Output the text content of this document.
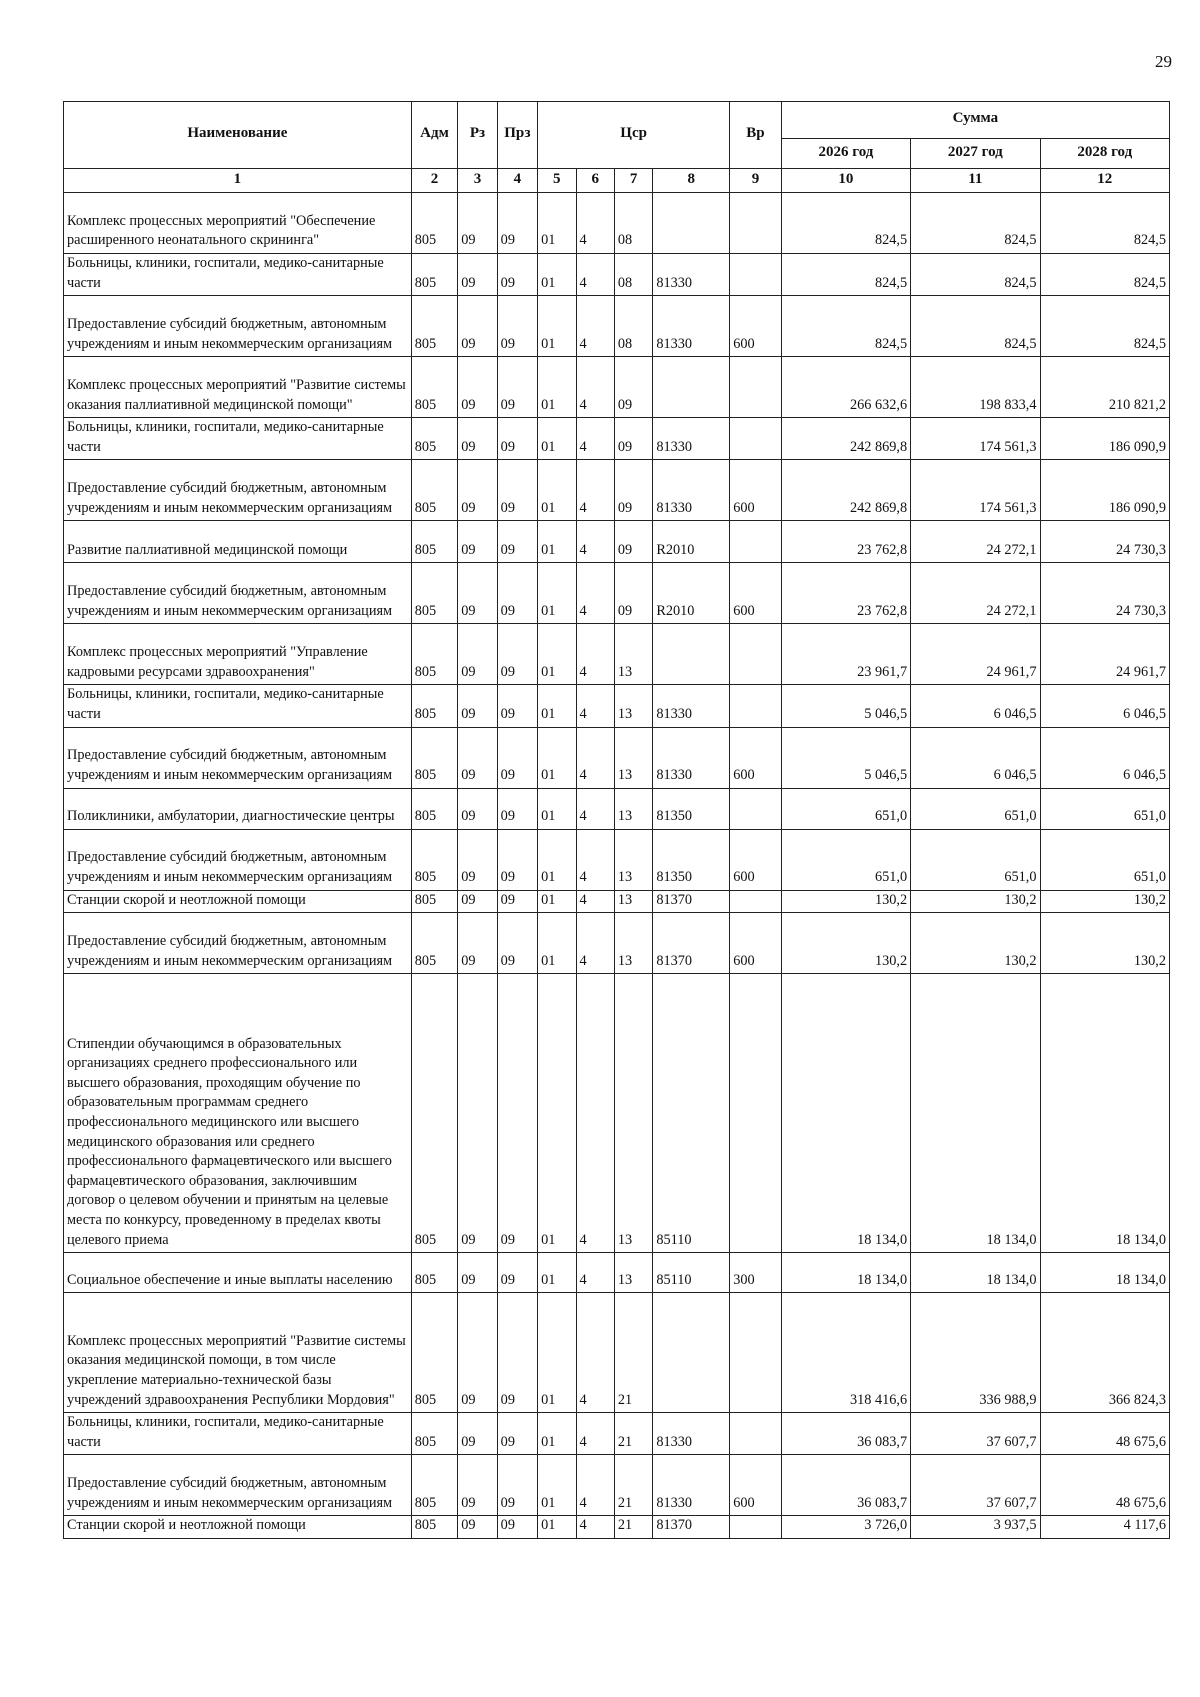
29
Наименование	Адм	Рз	Прз	Цср				Вр	Сумма		
									2026 год	2027 год	2028 год
1	2	3	4	5	6	7	8	9	10	11	12
Комплекс процессных мероприятий "Обеспечение расширенного неонатального скрининга"	805	09	09	01	4	08			824,5	824,5	824,5
Больницы, клиники, госпитали, медико-санитарные части	805	09	09	01	4	08	81330		824,5	824,5	824,5
Предоставление субсидий бюджетным, автономным учреждениям и иным некоммерческим организациям	805	09	09	01	4	08	81330	600	824,5	824,5	824,5
Комплекс процессных мероприятий "Развитие системы оказания паллиативной медицинской помощи"	805	09	09	01	4	09			266 632,6	198 833,4	210 821,2
Больницы, клиники, госпитали, медико-санитарные части	805	09	09	01	4	09	81330		242 869,8	174 561,3	186 090,9
Предоставление субсидий бюджетным, автономным учреждениям и иным некоммерческим организациям	805	09	09	01	4	09	81330	600	242 869,8	174 561,3	186 090,9
Развитие паллиативной медицинской помощи	805	09	09	01	4	09	R2010		23 762,8	24 272,1	24 730,3
Предоставление субсидий бюджетным, автономным учреждениям и иным некоммерческим организациям	805	09	09	01	4	09	R2010	600	23 762,8	24 272,1	24 730,3
Комплекс процессных мероприятий "Управление кадровыми ресурсами здравоохранения"	805	09	09	01	4	13			23 961,7	24 961,7	24 961,7
Больницы, клиники, госпитали, медико-санитарные части	805	09	09	01	4	13	81330		5 046,5	6 046,5	6 046,5
Предоставление субсидий бюджетным, автономным учреждениям и иным некоммерческим организациям	805	09	09	01	4	13	81330	600	5 046,5	6 046,5	6 046,5
Поликлиники, амбулатории, диагностические центры	805	09	09	01	4	13	81350		651,0	651,0	651,0
Предоставление субсидий бюджетным, автономным учреждениям и иным некоммерческим организациям	805	09	09	01	4	13	81350	600	651,0	651,0	651,0
Станции скорой и неотложной помощи	805	09	09	01	4	13	81370		130,2	130,2	130,2
Предоставление субсидий бюджетным, автономным учреждениям и иным некоммерческим организациям	805	09	09	01	4	13	81370	600	130,2	130,2	130,2
Стипендии обучающимся в образовательных организациях среднего профессионального или высшего образования, проходящим обучение по образовательным программам среднего профессионального медицинского или высшего медицинского образования или среднего профессионального фармацевтического или высшего фармацевтического образования, заключившим договор о целевом обучении и принятым на целевые места по конкурсу, проведенному в пределах квоты целевого приема	805	09	09	01	4	13	85110		18 134,0	18 134,0	18 134,0
Социальное обеспечение и иные выплаты населению	805	09	09	01	4	13	85110	300	18 134,0	18 134,0	18 134,0
Комплекс процессных мероприятий "Развитие системы оказания медицинской помощи, в том числе укрепление материально-технической базы учреждений здравоохранения Республики Мордовия"	805	09	09	01	4	21			318 416,6	336 988,9	366 824,3
Больницы, клиники, госпитали, медико-санитарные части	805	09	09	01	4	21	81330		36 083,7	37 607,7	48 675,6
Предоставление субсидий бюджетным, автономным учреждениям и иным некоммерческим организациям	805	09	09	01	4	21	81330	600	36 083,7	37 607,7	48 675,6
Станции скорой и неотложной помощи	805	09	09	01	4	21	81370		3 726,0	3 937,5	4 117,6
